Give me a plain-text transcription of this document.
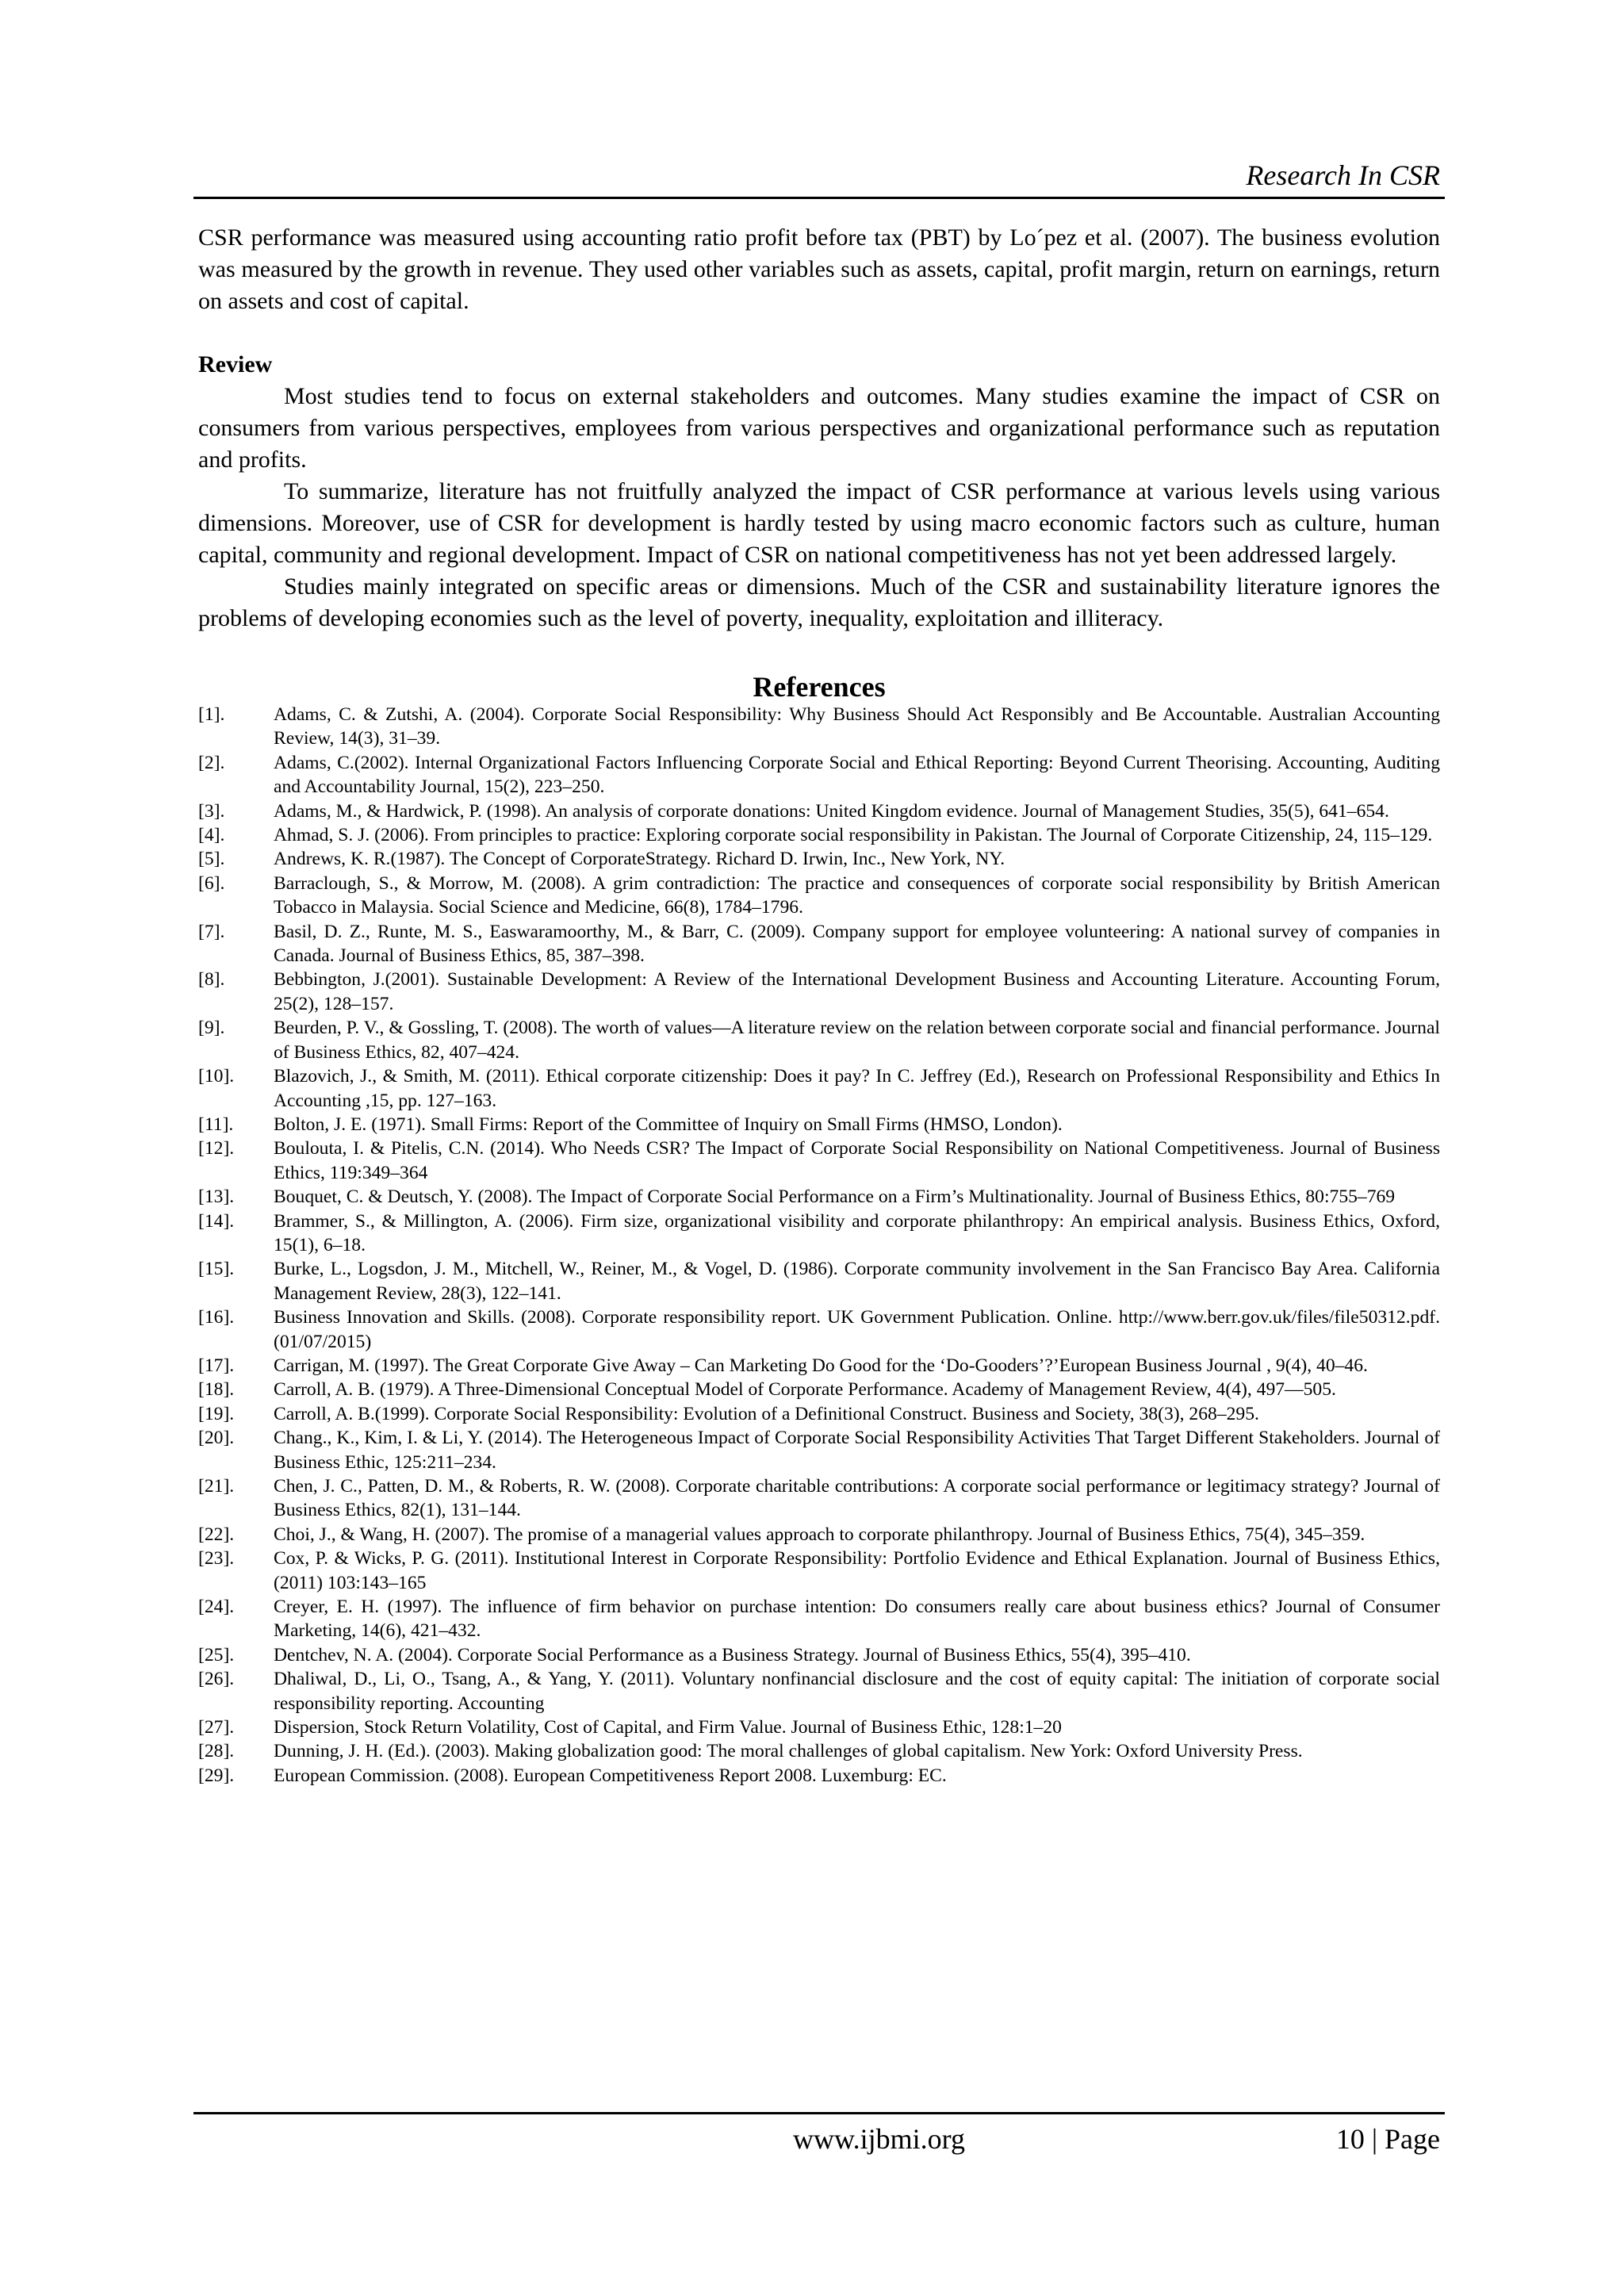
Research In CSR

CSR performance was measured using accounting ratio profit before tax (PBT) by Lo´pez et al. (2007). The business evolution was measured by the growth in revenue. They used other variables such as assets, capital, profit margin, return on earnings, return on assets and cost of capital.

Review

Most studies tend to focus on external stakeholders and outcomes. Many studies examine the impact of CSR on consumers from various perspectives, employees from various perspectives and organizational performance such as reputation and profits.

To summarize, literature has not fruitfully analyzed the impact of CSR performance at various levels using various dimensions. Moreover, use of CSR for development is hardly tested by using macro economic factors such as culture, human capital, community and regional development. Impact of CSR on national competitiveness has not yet been addressed largely.

Studies mainly integrated on specific areas or dimensions. Much of the CSR and sustainability literature ignores the problems of developing economies such as the level of poverty, inequality, exploitation and illiteracy.

References
[1].	Adams, C. & Zutshi, A. (2004). Corporate Social Responsibility: Why Business Should Act Responsibly and Be Accountable. Australian Accounting Review, 14(3), 31–39.
[2].	Adams, C.(2002). Internal Organizational Factors Influencing Corporate Social and Ethical Reporting: Beyond Current Theorising. Accounting, Auditing and Accountability Journal, 15(2), 223–250.
[3].	Adams, M., & Hardwick, P. (1998). An analysis of corporate donations: United Kingdom evidence. Journal of Management Studies, 35(5), 641–654.
[4].	Ahmad, S. J. (2006). From principles to practice: Exploring corporate social responsibility in Pakistan. The Journal of Corporate Citizenship, 24, 115–129.
[5].	Andrews, K. R.(1987). The Concept of CorporateStrategy. Richard D. Irwin, Inc., New York, NY.
[6].	Barraclough, S., & Morrow, M. (2008). A grim contradiction: The practice and consequences of corporate social responsibility by British American Tobacco in Malaysia. Social Science and Medicine, 66(8), 1784–1796.
[7].	Basil, D. Z., Runte, M. S., Easwaramoorthy, M., & Barr, C. (2009). Company support for employee volunteering: A national survey of companies in Canada. Journal of Business Ethics, 85, 387–398.
[8].	Bebbington, J.(2001). Sustainable Development: A Review of the International Development Business and Accounting Literature. Accounting Forum, 25(2), 128–157.
[9].	Beurden, P. V., & Gossling, T. (2008). The worth of values—A literature review on the relation between corporate social and financial performance. Journal of Business Ethics, 82, 407–424.
[10].	Blazovich, J., & Smith, M. (2011). Ethical corporate citizenship: Does it pay? In C. Jeffrey (Ed.), Research on Professional Responsibility and Ethics In Accounting ,15, pp. 127–163.
[11].	Bolton, J. E. (1971). Small Firms: Report of the Committee of Inquiry on Small Firms (HMSO, London).
[12].	Boulouta, I. & Pitelis, C.N. (2014). Who Needs CSR? The Impact of Corporate Social Responsibility on National Competitiveness. Journal of Business Ethics, 119:349–364
[13].	Bouquet, C. & Deutsch, Y. (2008). The Impact of Corporate Social Performance on a Firm’s Multinationality. Journal of Business Ethics, 80:755–769
[14].	Brammer, S., & Millington, A. (2006). Firm size, organizational visibility and corporate philanthropy: An empirical analysis. Business Ethics, Oxford, 15(1), 6–18.
[15].	Burke, L., Logsdon, J. M., Mitchell, W., Reiner, M., & Vogel, D. (1986). Corporate community involvement in the San Francisco Bay Area. California Management Review, 28(3), 122–141.
[16].	Business Innovation and Skills. (2008). Corporate responsibility report. UK Government Publication. Online. http://www.berr.gov.uk/files/file50312.pdf. (01/07/2015)
[17].	Carrigan, M. (1997). The Great Corporate Give Away – Can Marketing Do Good for the ‘Do-Gooders’?’European Business Journal , 9(4), 40–46.
[18].	Carroll, A. B. (1979). A Three-Dimensional Conceptual Model of Corporate Performance. Academy of Management Review, 4(4), 497—505.
[19].	Carroll, A. B.(1999). Corporate Social Responsibility: Evolution of a Definitional Construct. Business and Society, 38(3), 268–295.
[20].	Chang., K., Kim, I. & Li, Y. (2014). The Heterogeneous Impact of Corporate Social Responsibility Activities That Target Different Stakeholders. Journal of Business Ethic, 125:211–234.
[21].	Chen, J. C., Patten, D. M., & Roberts, R. W. (2008). Corporate charitable contributions: A corporate social performance or legitimacy strategy? Journal of Business Ethics, 82(1), 131–144.
[22].	Choi, J., & Wang, H. (2007). The promise of a managerial values approach to corporate philanthropy. Journal of Business Ethics, 75(4), 345–359.
[23].	Cox, P. & Wicks, P. G. (2011). Institutional Interest in Corporate Responsibility: Portfolio Evidence and Ethical Explanation. Journal of Business Ethics, (2011) 103:143–165
[24].	Creyer, E. H. (1997). The influence of firm behavior on purchase intention: Do consumers really care about business ethics? Journal of Consumer Marketing, 14(6), 421–432.
[25].	Dentchev, N. A. (2004). Corporate Social Performance as a Business Strategy. Journal of Business Ethics, 55(4), 395–410.
[26].	Dhaliwal, D., Li, O., Tsang, A., & Yang, Y. (2011). Voluntary nonfinancial disclosure and the cost of equity capital: The initiation of corporate social responsibility reporting. Accounting
[27].	Dispersion, Stock Return Volatility, Cost of Capital, and Firm Value. Journal of Business Ethic, 128:1–20
[28].	Dunning, J. H. (Ed.). (2003). Making globalization good: The moral challenges of global capitalism. New York: Oxford University Press.
[29].	European Commission. (2008). European Competitiveness Report 2008. Luxemburg: EC.
www.ijbmi.org	10 | Page
